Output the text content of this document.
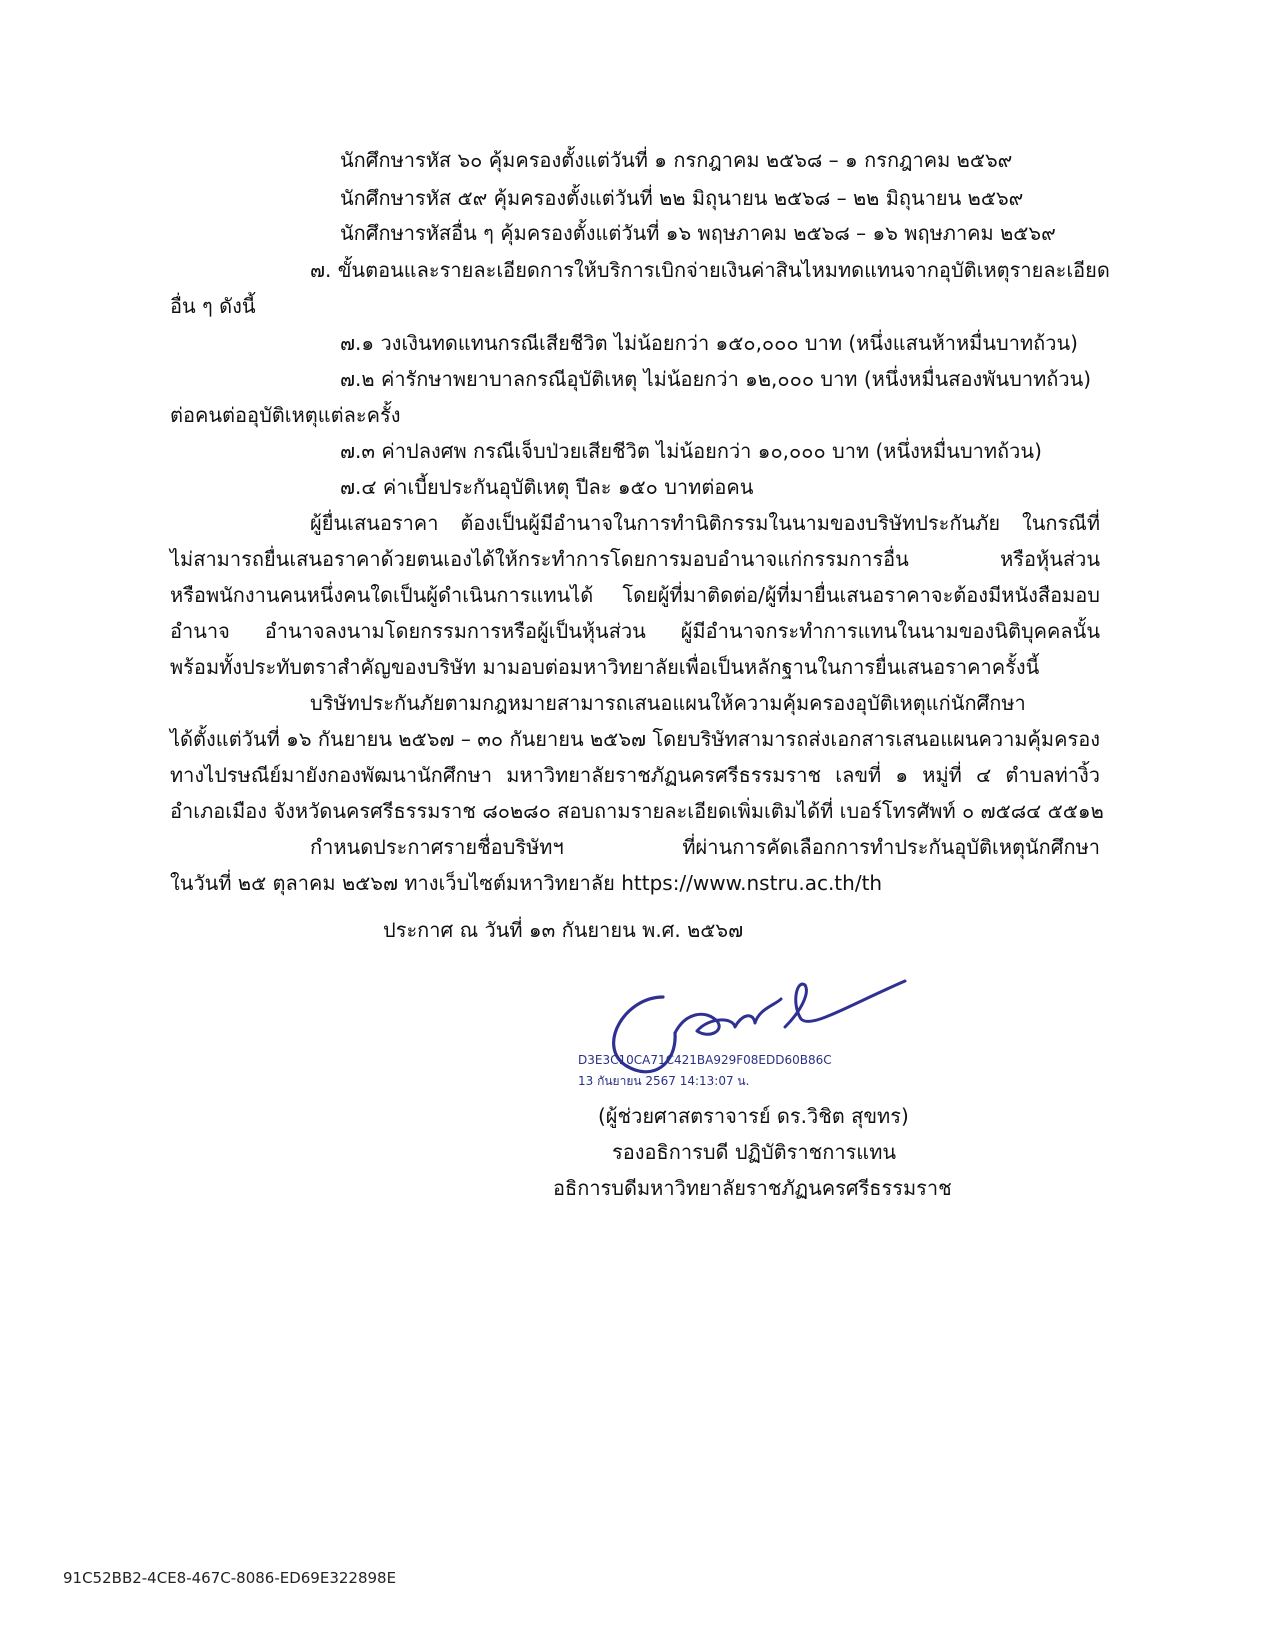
นักศึกษารหัส ๖๐ คุ้มครองตั้งแต่วันที่ ๑ กรกฎาคม ๒๕๖๘ – ๑ กรกฎาคม ๒๕๖๙
นักศึกษารหัส ๕๙ คุ้มครองตั้งแต่วันที่ ๒๒ มิถุนายน ๒๕๖๘ – ๒๒ มิถุนายน ๒๕๖๙
นักศึกษารหัสอื่น ๆ คุ้มครองตั้งแต่วันที่ ๑๖ พฤษภาคม ๒๕๖๘ – ๑๖ พฤษภาคม ๒๕๖๙
๗. ขั้นตอนและรายละเอียดการให้บริการเบิกจ่ายเงินค่าสินไหมทดแทนจากอุบัติเหตุรายละเอียด
อื่น ๆ ดังนี้
๗.๑ วงเงินทดแทนกรณีเสียชีวิต ไม่น้อยกว่า ๑๕๐,๐๐๐ บาท (หนึ่งแสนห้าหมื่นบาทถ้วน)
๗.๒ ค่ารักษาพยาบาลกรณีอุบัติเหตุ ไม่น้อยกว่า ๑๒,๐๐๐ บาท (หนึ่งหมื่นสองพันบาทถ้วน)
ต่อคนต่ออุบัติเหตุแต่ละครั้ง
๗.๓ ค่าปลงศพ กรณีเจ็บป่วยเสียชีวิต ไม่น้อยกว่า ๑๐,๐๐๐ บาท (หนึ่งหมื่นบาทถ้วน)
๗.๔ ค่าเบี้ยประกันอุบัติเหตุ ปีละ ๑๕๐ บาทต่อคน
ผู้ยื่นเสนอราคา ต้องเป็นผู้มีอำนาจในการทำนิติกรรมในนามของบริษัทประกันภัย ในกรณีที่
ไม่สามารถยื่นเสนอราคาด้วยตนเองได้ให้กระทำการโดยการมอบอำนาจแก่กรรมการอื่น หรือหุ้นส่วน
หรือพนักงานคนหนึ่งคนใดเป็นผู้ดำเนินการแทนได้ โดยผู้ที่มาติดต่อ/ผู้ที่มายื่นเสนอราคาจะต้องมีหนังสือมอบ
อำนาจ อำนาจลงนามโดยกรรมการหรือผู้เป็นหุ้นส่วน ผู้มีอำนาจกระทำการแทนในนามของนิติบุคคลนั้น
พร้อมทั้งประทับตราสำคัญของบริษัท มามอบต่อมหาวิทยาลัยเพื่อเป็นหลักฐานในการยื่นเสนอราคาครั้งนี้
บริษัทประกันภัยตามกฎหมายสามารถเสนอแผนให้ความคุ้มครองอุบัติเหตุแก่นักศึกษา
ได้ตั้งแต่วันที่ ๑๖ กันยายน ๒๕๖๗ – ๓๐ กันยายน ๒๕๖๗ โดยบริษัทสามารถส่งเอกสารเสนอแผนความคุ้มครอง
ทางไปรษณีย์มายังกองพัฒนานักศึกษา มหาวิทยาลัยราชภัฏนครศรีธรรมราช เลขที่ ๑ หมู่ที่ ๔ ตำบลท่างิ้ว
อำเภอเมือง จังหวัดนครศรีธรรมราช ๘๐๒๘๐ สอบถามรายละเอียดเพิ่มเติมได้ที่ เบอร์โทรศัพท์ ๐ ๗๕๘๔ ๕๕๑๒
กำหนดประกาศรายชื่อบริษัทฯ ที่ผ่านการคัดเลือกการทำประกันอุบัติเหตุนักศึกษา
ในวันที่ ๒๕ ตุลาคม ๒๕๖๗ ทางเว็บไซต์มหาวิทยาลัย https://www.nstru.ac.th/th
ประกาศ ณ วันที่ ๑๓ กันยายน พ.ศ. ๒๕๖๗
D3E3C10CA71C421BA929F08EDD60B86C
13 กันยายน 2567 14:13:07 น.
(ผู้ช่วยศาสตราจารย์ ดร.วิชิต สุขทร)
รองอธิการบดี ปฏิบัติราชการแทน
อธิการบดีมหาวิทยาลัยราชภัฏนครศรีธรรมราช
91C52BB2-4CE8-467C-8086-ED69E322898E
